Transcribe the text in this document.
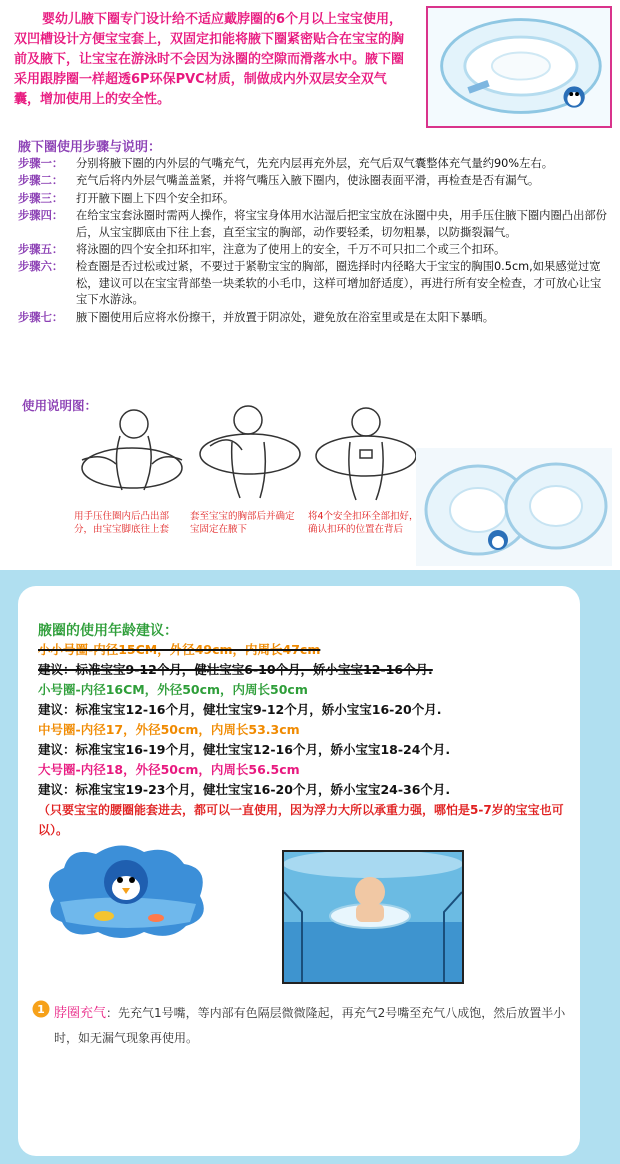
婴幼儿腋下圈专门设计给不适应戴脖圈的6个月以上宝宝使用，双凹槽设计方便宝宝套上，双固定扣能将腋下圈紧密贴合在宝宝的胸前及腋下，让宝宝在游泳时不会因为泳圈的空隙而滑落水中。腋下圈采用跟脖圈一样超透6P环保PVC材质，制做成内外双层安全双气囊，增加使用上的安全性。
腋下圈使用步骤与说明：
步骤一：	分别将腋下圈的内外层的气嘴充气，先充内层再充外层，充气后双气囊整体充气量约90%左右。
步骤二：	充气后将内外层气嘴盖盖紧，并将气嘴压入腋下圈内，使泳圈表面平滑，再检查是否有漏气。
步骤三：	打开腋下圈上下四个安全扣环。
步骤四：	在给宝宝套泳圈时需两人操作，将宝宝身体用水沾湿后把宝宝放在泳圈中央，用手压住腋下圈内圈凸出部份后，从宝宝脚底由下往上套，直至宝宝的胸部，动作要轻柔，切勿粗暴，以防撕裂漏气。
步骤五：	将泳圈的四个安全扣环扣牢，注意为了使用上的安全，千万不可只扣二个或三个扣环。
步骤六：	检查圈是否过松或过紧，不要过于紧勒宝宝的胸部，圈选择时内径略大于宝宝的胸围0.5cm,如果感觉过宽松，建议可以在宝宝背部垫一块柔软的小毛巾，这样可增加舒适度），再进行所有安全检查，才可放心让宝宝下水游泳。
步骤七：	腋下圈使用后应将水份擦干，并放置于阴凉处，避免放在浴室里或是在太阳下暴晒。
使用说明图：
用手压住圈内后凸出部分，由宝宝脚底往上套
套至宝宝的胸部后并确定宝固定在腋下
将4个安全扣环全部扣好，确认扣环的位置在背后
腋圈的使用年龄建议：
小小号圈-内径15CM，外径49cm，内周长47cm
建议：标准宝宝9-12个月，健壮宝宝6-10个月，娇小宝宝12-16个月.
小号圈-内径16CM，外径50cm，内周长50cm
建议：标准宝宝12-16个月，健壮宝宝9-12个月，娇小宝宝16-20个月.
中号圈-内径17，外径50cm，内周长53.3cm
建议：标准宝宝16-19个月，健壮宝宝12-16个月，娇小宝宝18-24个月.
大号圈-内径18，外径50cm，内周长56.5cm
建议：标准宝宝19-23个月，健壮宝宝16-20个月，娇小宝宝24-36个月.
（只要宝宝的腰圈能套进去，都可以一直使用，因为浮力大所以承重力强，哪怕是5-7岁的宝宝也可以）。
1 脖圈充气：先充气1号嘴，等内部有色隔层微微隆起，再充气2号嘴至充气八成饱，然后放置半小时，如无漏气现象再使用。
